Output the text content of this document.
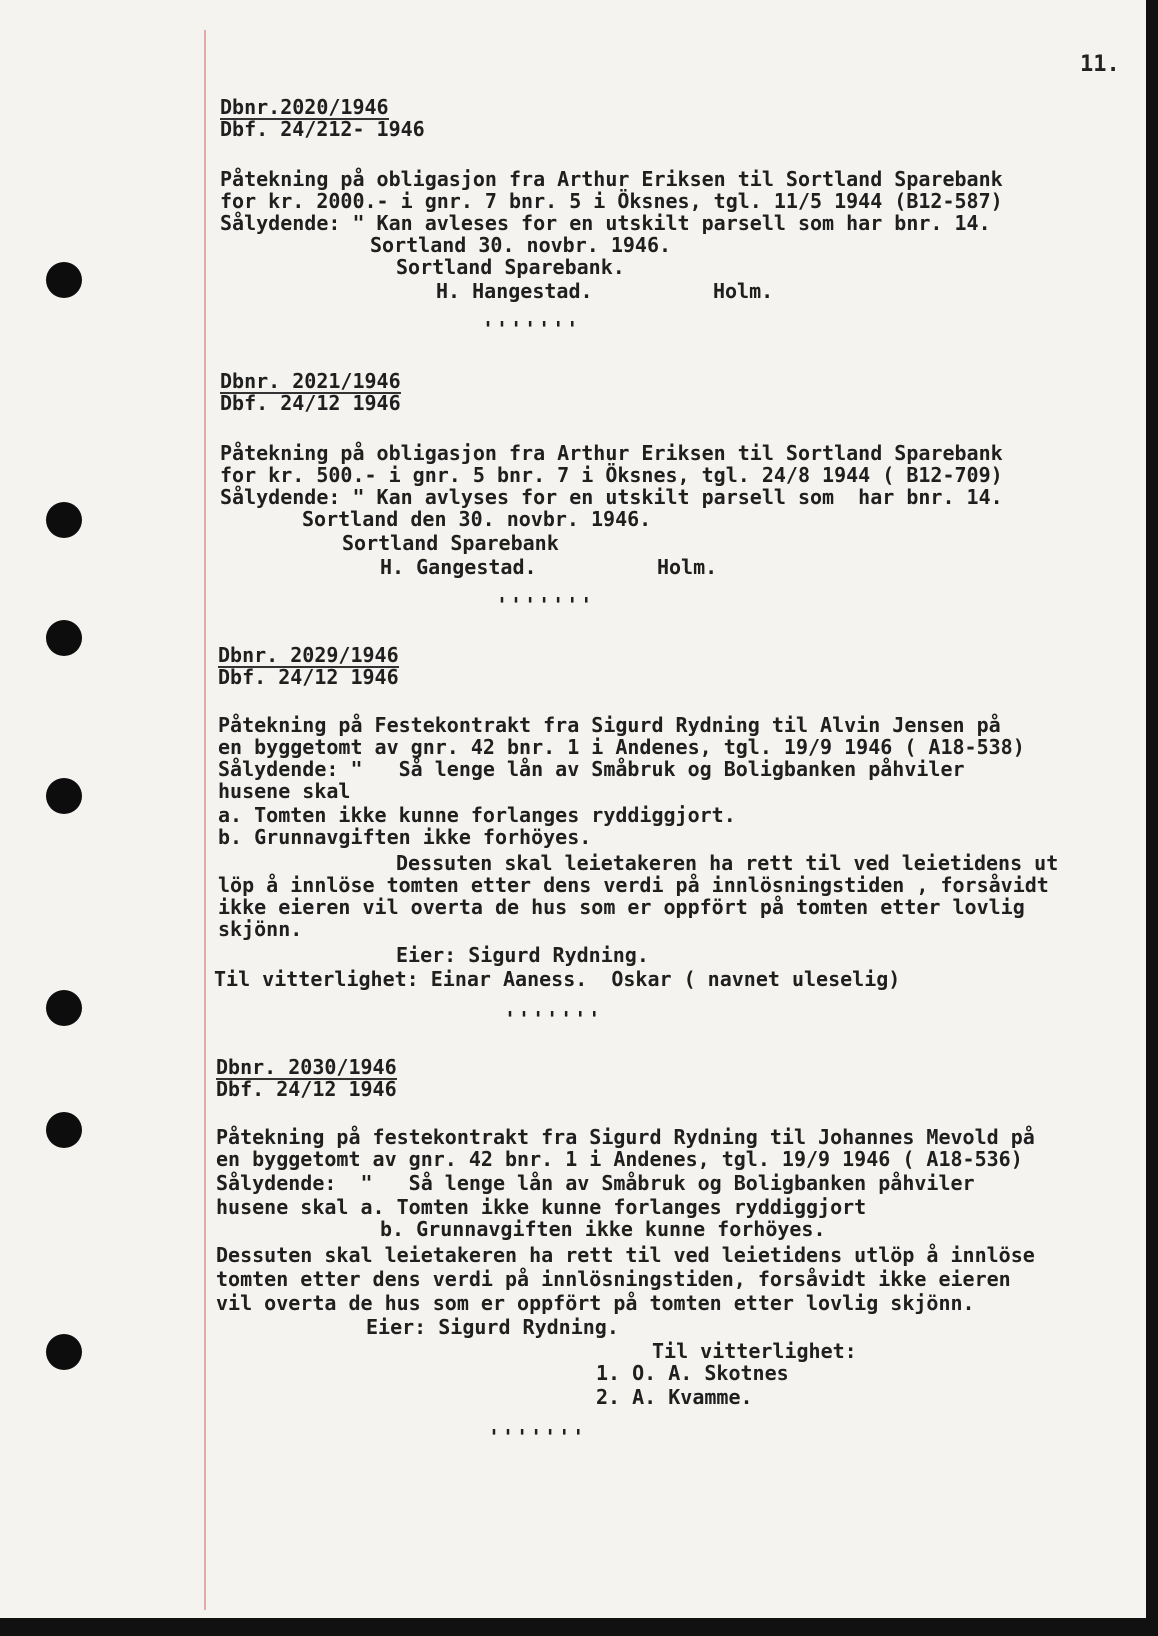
11.
Dbnr.2020/1946
Dbf. 24/212- 1946
Påtekning på obligasjon fra Arthur Eriksen til Sortland Sparebank
for kr. 2000.- i gnr. 7 bnr. 5 i Öksnes, tgl. 11/5 1944 (B12-587)
Sålydende: " Kan avleses for en utskilt parsell som har bnr. 14.
Sortland 30. novbr. 1946.
Sortland Sparebank.
H. Hangestad.          Holm.
'''''''
Dbnr. 2021/1946
Dbf. 24/12 1946
Påtekning på obligasjon fra Arthur Eriksen til Sortland Sparebank
for kr. 500.- i gnr. 5 bnr. 7 i Öksnes, tgl. 24/8 1944 ( B12-709)
Sålydende: " Kan avlyses for en utskilt parsell som  har bnr. 14.
Sortland den 30. novbr. 1946.
Sortland Sparebank
H. Gangestad.          Holm.
'''''''
Dbnr. 2029/1946
Dbf. 24/12 1946
Påtekning på Festekontrakt fra Sigurd Rydning til Alvin Jensen på
en byggetomt av gnr. 42 bnr. 1 i Andenes, tgl. 19/9 1946 ( A18-538)
Sålydende: "   Så lenge lån av Småbruk og Boligbanken påhviler
husene skal
a. Tomten ikke kunne forlanges ryddiggjort.
b. Grunnavgiften ikke forhöyes.
Dessuten skal leietakeren ha rett til ved leietidens ut
löp å innlöse tomten etter dens verdi på innlösningstiden , forsåvidt
ikke eieren vil overta de hus som er oppfört på tomten etter lovlig
skjönn.
Eier: Sigurd Rydning.
Til vitterlighet: Einar Aaness.  Oskar ( navnet uleselig)
'''''''
Dbnr. 2030/1946
Dbf. 24/12 1946
Påtekning på festekontrakt fra Sigurd Rydning til Johannes Mevold på
en byggetomt av gnr. 42 bnr. 1 i Andenes, tgl. 19/9 1946 ( A18-536)
Sålydende:  "   Så lenge lån av Småbruk og Boligbanken påhviler
husene skal a. Tomten ikke kunne forlanges ryddiggjort
b. Grunnavgiften ikke kunne forhöyes.
Dessuten skal leietakeren ha rett til ved leietidens utlöp å innlöse
tomten etter dens verdi på innlösningstiden, forsåvidt ikke eieren
vil overta de hus som er oppfört på tomten etter lovlig skjönn.
Eier: Sigurd Rydning.
Til vitterlighet:
1. O. A. Skotnes
2. A. Kvamme.
'''''''
